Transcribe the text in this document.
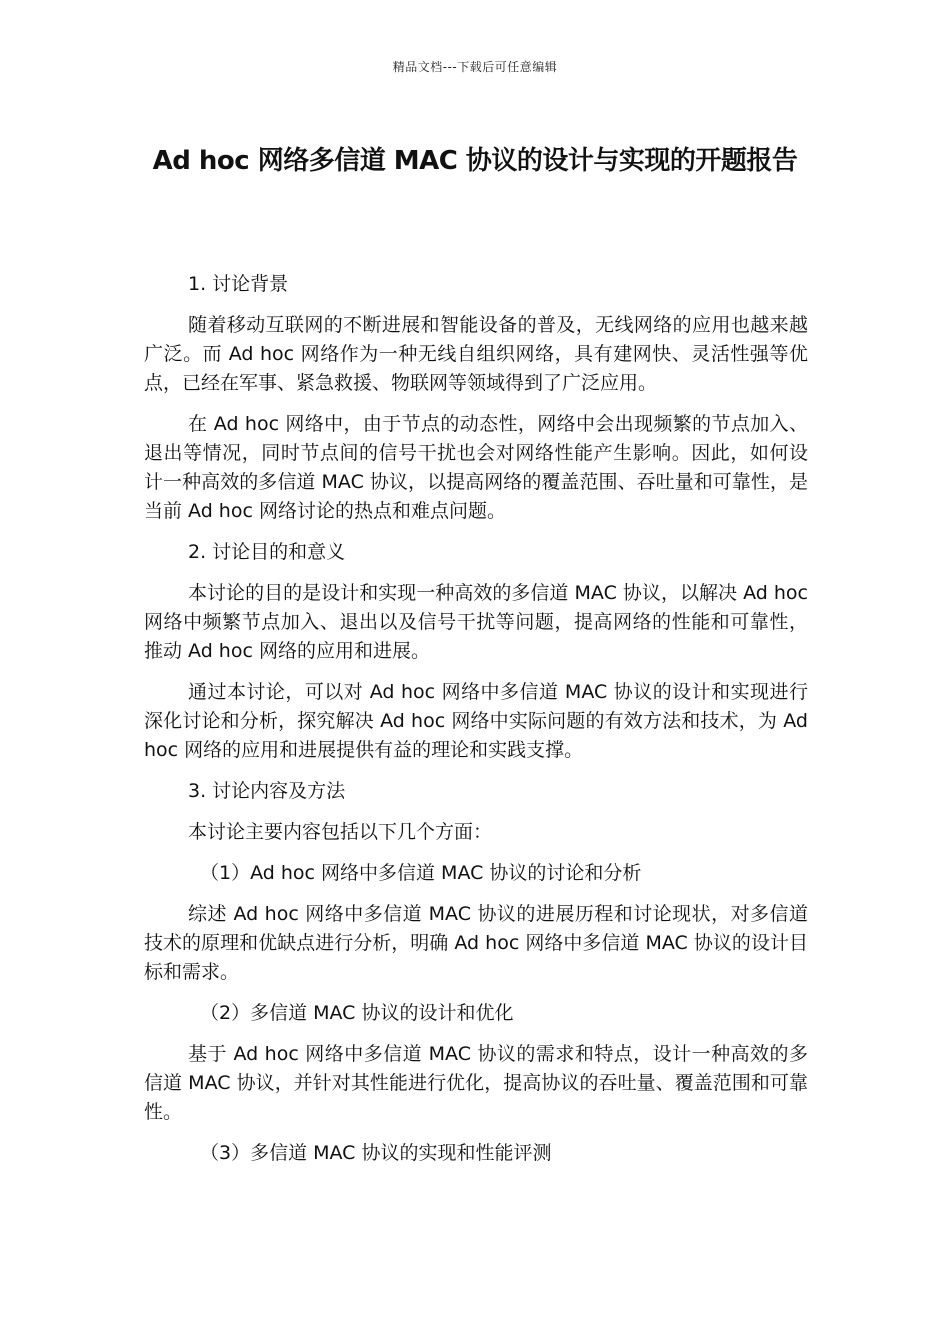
精品文档---下载后可任意编辑
Ad hoc 网络多信道 MAC 协议的设计与实现的开题报告

1. 讨论背景

随着移动互联网的不断进展和智能设备的普及，无线网络的应用也越来越广泛。而 Ad hoc 网络作为一种无线自组织网络，具有建网快、灵活性强等优点，已经在军事、紧急救援、物联网等领域得到了广泛应用。

在 Ad hoc 网络中，由于节点的动态性，网络中会出现频繁的节点加入、退出等情况，同时节点间的信号干扰也会对网络性能产生影响。因此，如何设计一种高效的多信道 MAC 协议，以提高网络的覆盖范围、吞吐量和可靠性，是当前 Ad hoc 网络讨论的热点和难点问题。

2. 讨论目的和意义

本讨论的目的是设计和实现一种高效的多信道 MAC 协议，以解决 Ad hoc 网络中频繁节点加入、退出以及信号干扰等问题，提高网络的性能和可靠性，推动 Ad hoc 网络的应用和进展。

通过本讨论，可以对 Ad hoc 网络中多信道 MAC 协议的设计和实现进行深化讨论和分析，探究解决 Ad hoc 网络中实际问题的有效方法和技术，为 Ad hoc 网络的应用和进展提供有益的理论和实践支撑。

3. 讨论内容及方法

本讨论主要内容包括以下几个方面：

（1）Ad hoc 网络中多信道 MAC 协议的讨论和分析

综述 Ad hoc 网络中多信道 MAC 协议的进展历程和讨论现状，对多信道技术的原理和优缺点进行分析，明确 Ad hoc 网络中多信道 MAC 协议的设计目标和需求。

（2）多信道 MAC 协议的设计和优化

基于 Ad hoc 网络中多信道 MAC 协议的需求和特点，设计一种高效的多信道 MAC 协议，并针对其性能进行优化，提高协议的吞吐量、覆盖范围和可靠性。

（3）多信道 MAC 协议的实现和性能评测
